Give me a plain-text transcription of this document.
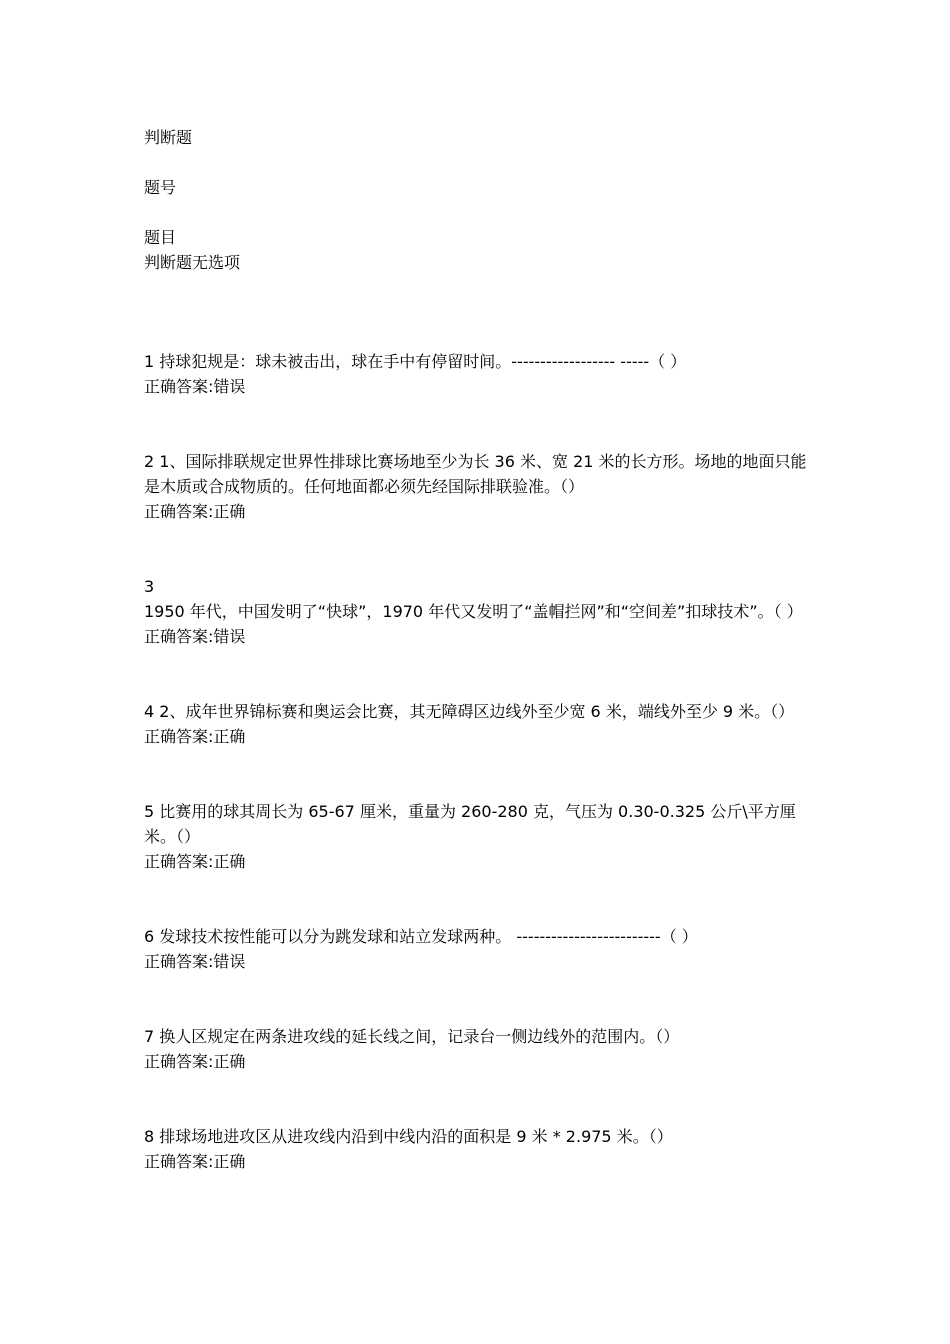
判断题
题号
题目
判断题无选项
1 持球犯规是：球未被击出，球在手中有停留时间。------------------ -----（ ）
正确答案:错误
2 1、国际排联规定世界性排球比赛场地至少为长 36 米、宽 21 米的长方形。场地的地面只能是木质或合成物质的。任何地面都必须先经国际排联验准。（）
正确答案:正确
3 1950 年代，中国发明了“快球”，1970 年代又发明了“盖帽拦网”和“空间差”扣球技术”。（ ）
正确答案:错误
4 2、成年世界锦标赛和奥运会比赛，其无障碍区边线外至少宽 6 米，端线外至少 9 米。（）
正确答案:正确
5 比赛用的球其周长为 65-67 厘米，重量为 260-280 克，气压为 0.30-0.325 公斤\平方厘米。（）
正确答案:正确
6 发球技术按性能可以分为跳发球和站立发球两种。 -------------------------（ ）
正确答案:错误
7 换人区规定在两条进攻线的延长线之间，记录台一侧边线外的范围内。（）
正确答案:正确
8 排球场地进攻区从进攻线内沿到中线内沿的面积是 9 米 * 2.975 米。（）
正确答案:正确
